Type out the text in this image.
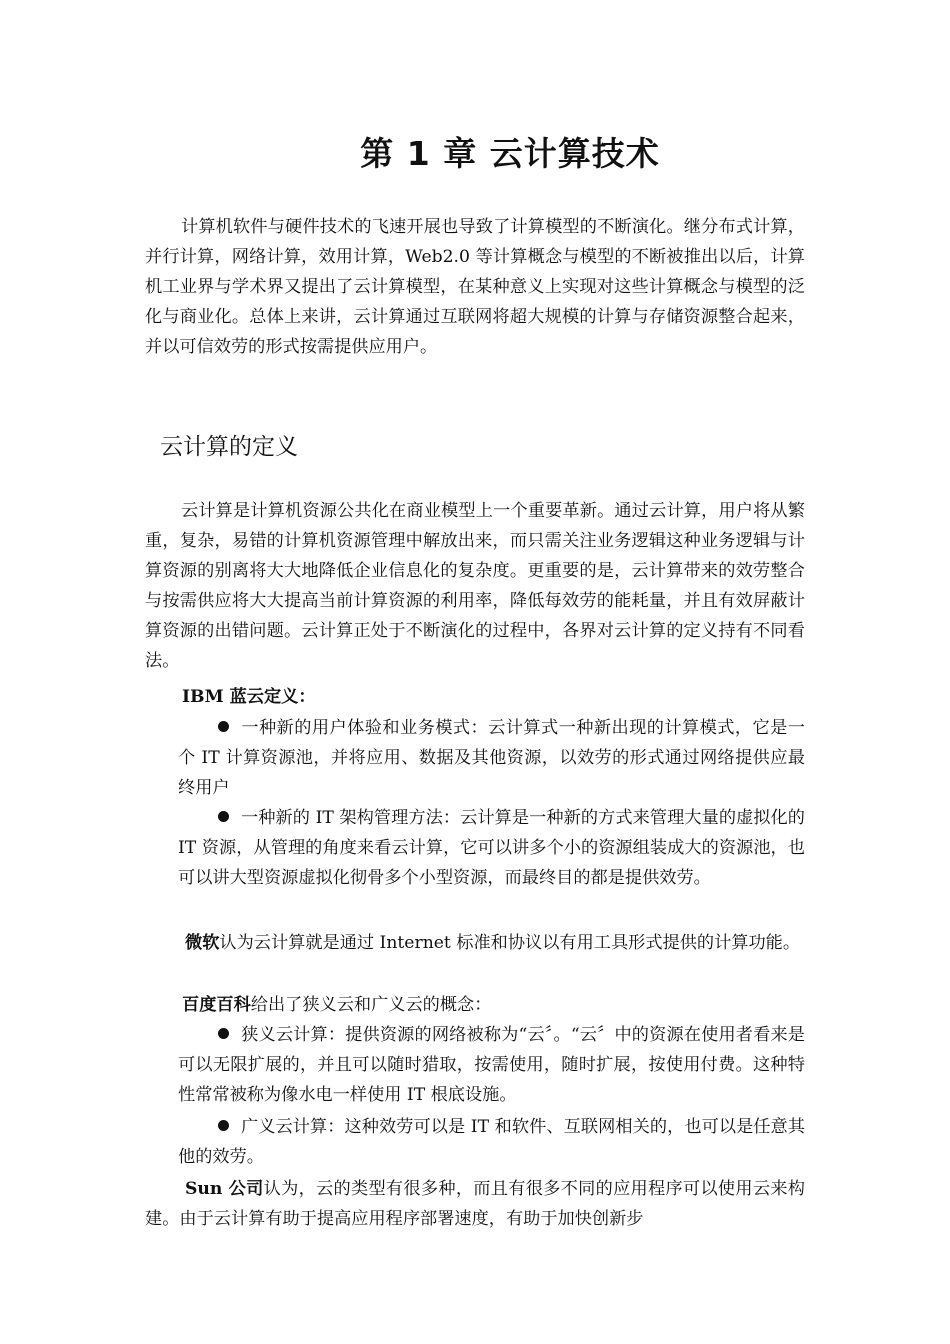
第 1 章 云计算技术

计算机软件与硬件技术的飞速开展也导致了计算模型的不断演化。继分布式计算，并行计算，网络计算，效用计算，Web2.0 等计算概念与模型的不断被推出以后，计算机工业界与学术界又提出了云计算模型，在某种意义上实现对这些计算概念与模型的泛化与商业化。总体上来讲，云计算通过互联网将超大规模的计算与存储资源整合起来，并以可信效劳的形式按需提供应用户。

云计算的定义

云计算是计算机资源公共化在商业模型上一个重要革新。通过云计算，用户将从繁重，复杂，易错的计算机资源管理中解放出来，而只需关注业务逻辑这种业务逻辑与计算资源的别离将大大地降低企业信息化的复杂度。更重要的是，云计算带来的效劳整合与按需供应将大大提高当前计算资源的利用率，降低每效劳的能耗量，并且有效屏蔽计算资源的出错问题。云计算正处于不断演化的过程中，各界对云计算的定义持有不同看法。

IBM 蓝云定义：

一种新的用户体验和业务模式：云计算式一种新出现的计算模式，它是一个 IT 计算资源池，并将应用、数据及其他资源，以效劳的形式通过网络提供应最终用户

一种新的 IT 架构管理方法：云计算是一种新的方式来管理大量的虚拟化的 IT 资源，从管理的角度来看云计算，它可以讲多个小的资源组装成大的资源池，也可以讲大型资源虚拟化彻骨多个小型资源，而最终目的都是提供效劳。

微软认为云计算就是通过 Internet 标准和协议以有用工具形式提供的计算功能。

百度百科给出了狭义云和广义云的概念：

狭义云计算：提供资源的网络被称为“云〞。“云〞中的资源在使用者看来是可以无限扩展的，并且可以随时猎取，按需使用，随时扩展，按使用付费。这种特性常常被称为像水电一样使用 IT 根底设施。

广义云计算：这种效劳可以是 IT 和软件、互联网相关的，也可以是任意其他的效劳。

Sun 公司认为，云的类型有很多种，而且有很多不同的应用程序可以使用云来构建。由于云计算有助于提高应用程序部署速度，有助于加快创新步
